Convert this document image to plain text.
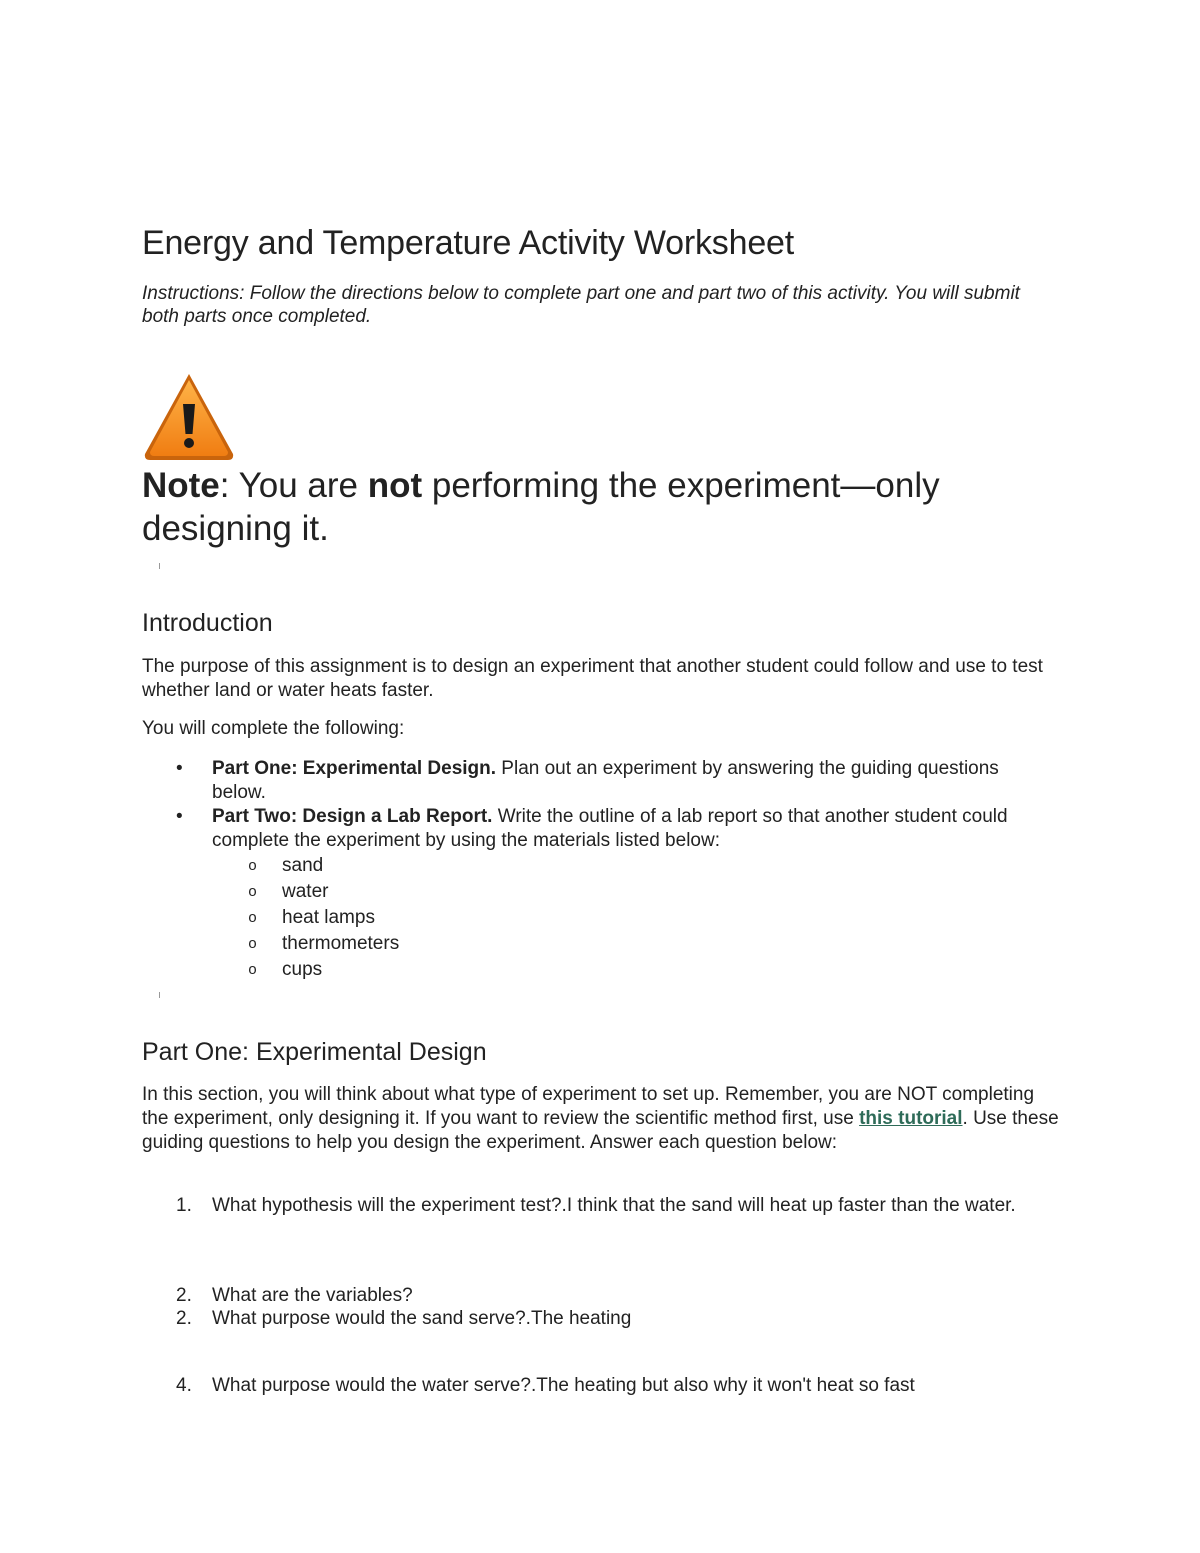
Energy and Temperature Activity Worksheet

Instructions: Follow the directions below to complete part one and part two of this activity. You will submit both parts once completed.

Note: You are not performing the experiment—only designing it.

Introduction

The purpose of this assignment is to design an experiment that another student could follow and use to test whether land or water heats faster.

You will complete the following:

• Part One: Experimental Design. Plan out an experiment by answering the guiding questions below.
• Part Two: Design a Lab Report. Write the outline of a lab report so that another student could complete the experiment by using the materials listed below:
o sand
o water
o heat lamps
o thermometers
o cups
Part One: Experimental Design

In this section, you will think about what type of experiment to set up. Remember, you are NOT completing the experiment, only designing it. If you want to review the scientific method first, use this tutorial. Use these guiding questions to help you design the experiment. Answer each question below:

1.	What hypothesis will the experiment test?.I think that the sand will heat up faster than the water.
2.	What are the variables?
2.	What purpose would the sand serve?.The heating
4.	What purpose would the water serve?.The heating but also why it won't heat so fast
